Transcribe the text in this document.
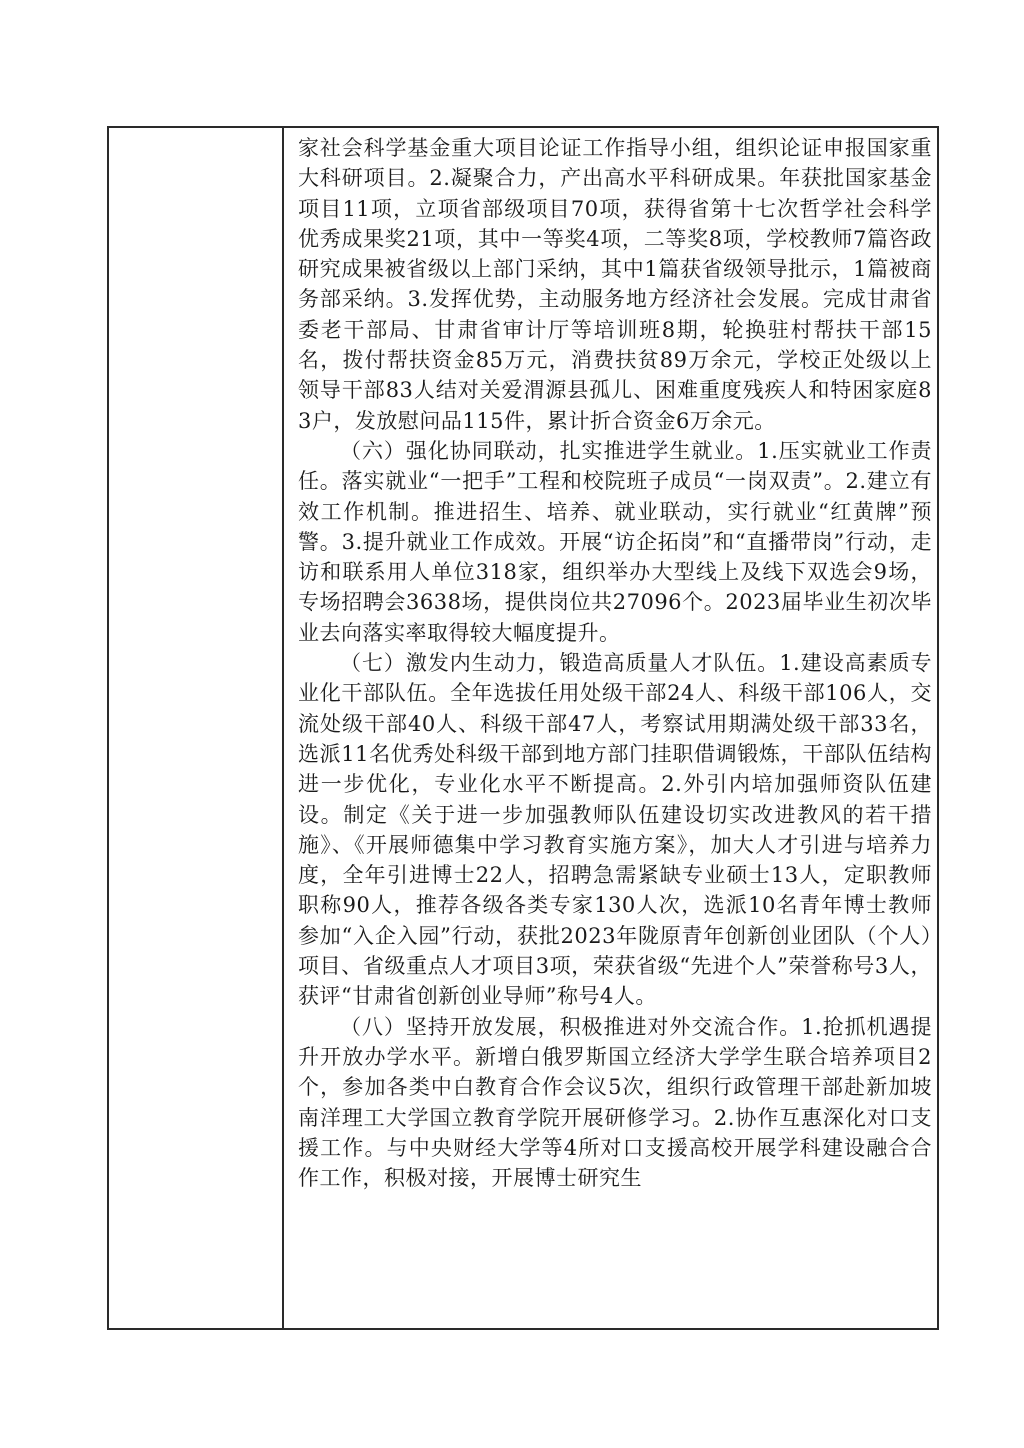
家社会科学基金重大项目论证工作指导小组，组织论证申报国家重大科研项目。2.凝聚合力，产出高水平科研成果。年获批国家基金项目11项，立项省部级项目70项，获得省第十七次哲学社会科学优秀成果奖21项，其中一等奖4项，二等奖8项，学校教师7篇咨政研究成果被省级以上部门采纳，其中1篇获省级领导批示，1篇被商务部采纳。3.发挥优势，主动服务地方经济社会发展。完成甘肃省委老干部局、甘肃省审计厅等培训班8期，轮换驻村帮扶干部15名，拨付帮扶资金85万元，消费扶贫89万余元，学校正处级以上领导干部83人结对关爱渭源县孤儿、困难重度残疾人和特困家庭83户，发放慰问品115件，累计折合资金6万余元。

（六）强化协同联动，扎实推进学生就业。1.压实就业工作责任。落实就业“一把手”工程和校院班子成员“一岗双责”。2.建立有效工作机制。推进招生、培养、就业联动，实行就业“红黄牌”预警。3.提升就业工作成效。开展“访企拓岗”和“直播带岗”行动，走访和联系用人单位318家，组织举办大型线上及线下双选会9场，专场招聘会3638场，提供岗位共27096个。2023届毕业生初次毕业去向落实率取得较大幅度提升。

（七）激发内生动力，锻造高质量人才队伍。1.建设高素质专业化干部队伍。全年选拔任用处级干部24人、科级干部106人，交流处级干部40人、科级干部47人，考察试用期满处级干部33名，选派11名优秀处科级干部到地方部门挂职借调锻炼，干部队伍结构进一步优化，专业化水平不断提高。2.外引内培加强师资队伍建设。制定《关于进一步加强教师队伍建设切实改进教风的若干措施》、《开展师德集中学习教育实施方案》，加大人才引进与培养力度，全年引进博士22人，招聘急需紧缺专业硕士13人，定职教师职称90人，推荐各级各类专家130人次，选派10名青年博士教师参加“入企入园”行动，获批2023年陇原青年创新创业团队（个人）项目、省级重点人才项目3项，荣获省级“先进个人”荣誉称号3人，获评“甘肃省创新创业导师”称号4人。

（八）坚持开放发展，积极推进对外交流合作。1.抢抓机遇提升开放办学水平。新增白俄罗斯国立经济大学学生联合培养项目2个，参加各类中白教育合作会议5次，组织行政管理干部赴新加坡南洋理工大学国立教育学院开展研修学习。2.协作互惠深化对口支援工作。与中央财经大学等4所对口支援高校开展学科建设融合合作工作，积极对接，开展博士研究生
